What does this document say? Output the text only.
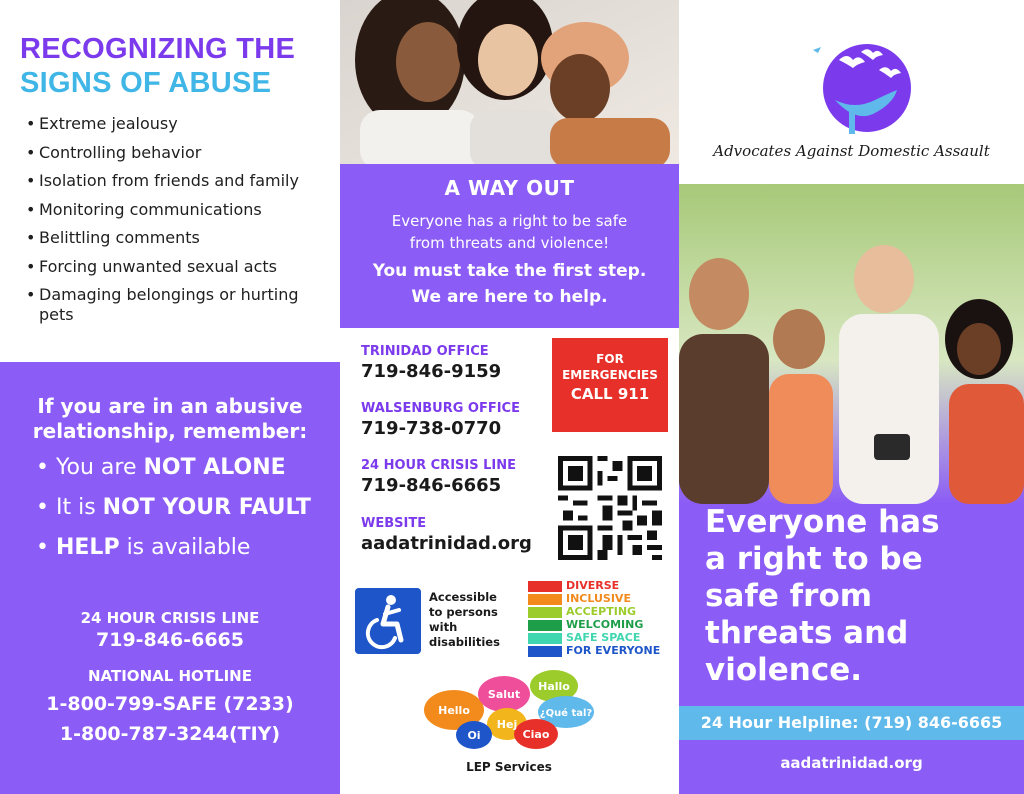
RECOGNIZING THE
SIGNS OF ABUSE
• Extreme jealousy
• Controlling behavior
• Isolation from friends and family
• Monitoring communications
• Belittling comments
• Forcing unwanted sexual acts
• Damaging belongings or hurting pets
If you are in an abusive
relationship, remember:
• You are NOT ALONE
• It is NOT YOUR FAULT
• HELP is available
24 HOUR CRISIS LINE
719-846-6665
NATIONAL HOTLINE
1-800-799-SAFE (7233)
1-800-787-3244(TIY)
A WAY OUT
Everyone has a right to be safe
from threats and violence!
You must take the first step.
We are here to help.
TRINIDAD OFFICE
719-846-9159
WALSENBURG OFFICE
719-738-0770
24 HOUR CRISIS LINE
719-846-6665
WEBSITE
aadatrinidad.org
FOR
EMERGENCIES
CALL 911
Accessible
to persons
with
disabilities
DIVERSE
INCLUSIVE
ACCEPTING
WELCOMING
SAFE SPACE
FOR EVERYONE
Hello
Salut
Hallo
Hej
¿Qué tal?
Oi	Ciao
LEP Services
Advocates Against Domestic Assault
Everyone has
a right to be
safe from
threats and
violence.
24 Hour Helpline: (719) 846-6665
aadatrinidad.org
